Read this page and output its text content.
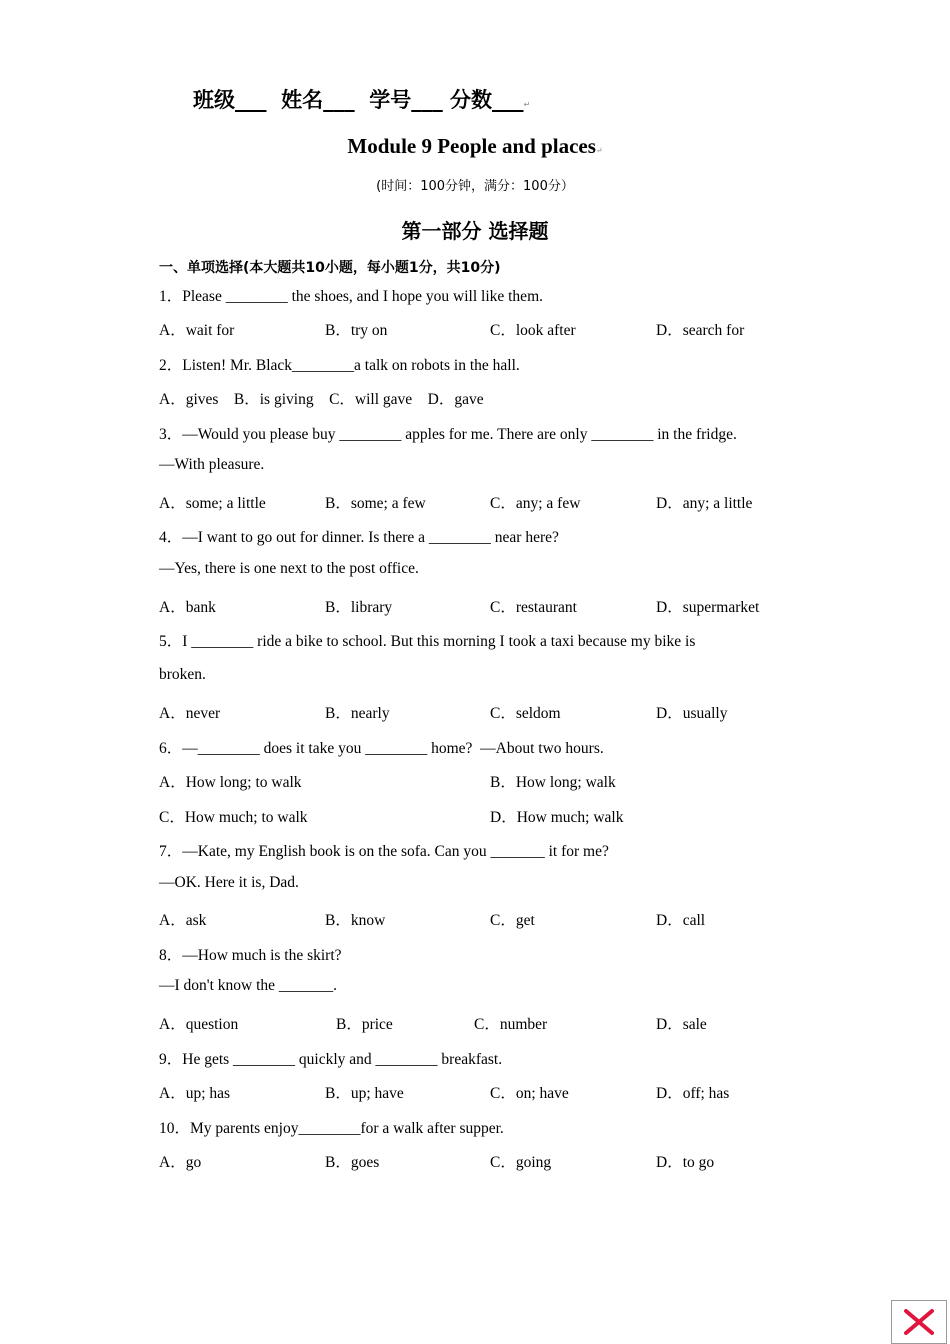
班级___  姓名___  学号___ 分数___↵
Module 9 People and places↵
(时间：100分钟，满分：100分）
第一部分 选择题
一、单项选择(本大题共10小题，每小题1分，共10分)
1．Please ________ the shoes, and I hope you will like them.
A．wait for	B．try on	C．look after	D．search for
2．Listen! Mr. Black________a talk on robots in the hall.
A．gives    B．is giving    C．will gave    D．gave
3．—Would you please buy ________ apples for me. There are only ________ in the fridge.
—With pleasure.
A．some; a little	B．some; a few	C．any; a few	D．any; a little
4．—I want to go out for dinner. Is there a ________ near here?
—Yes, there is one next to the post office.
A．bank	B．library	C．restaurant	D．supermarket
5．I ________ ride a bike to school. But this morning I took a taxi because my bike is
broken.
A．never	B．nearly	C．seldom	D．usually
6．—________ does it take you ________ home?  —About two hours.
A．How long; to walk	B．How long; walk
C．How much; to walk	D．How much; walk
7．—Kate, my English book is on the sofa. Can you _______ it for me?
—OK. Here it is, Dad.
A．ask	B．know	C．get	D．call
8．—How much is the skirt?
—I don't know the _______.
A．question	B．price	C．number	D．sale
9．He gets ________ quickly and ________ breakfast.
A．up; has	B．up; have	C．on; have	D．off; has
10．My parents enjoy________for a walk after supper.
A．go	B．goes	C．going	D．to go
